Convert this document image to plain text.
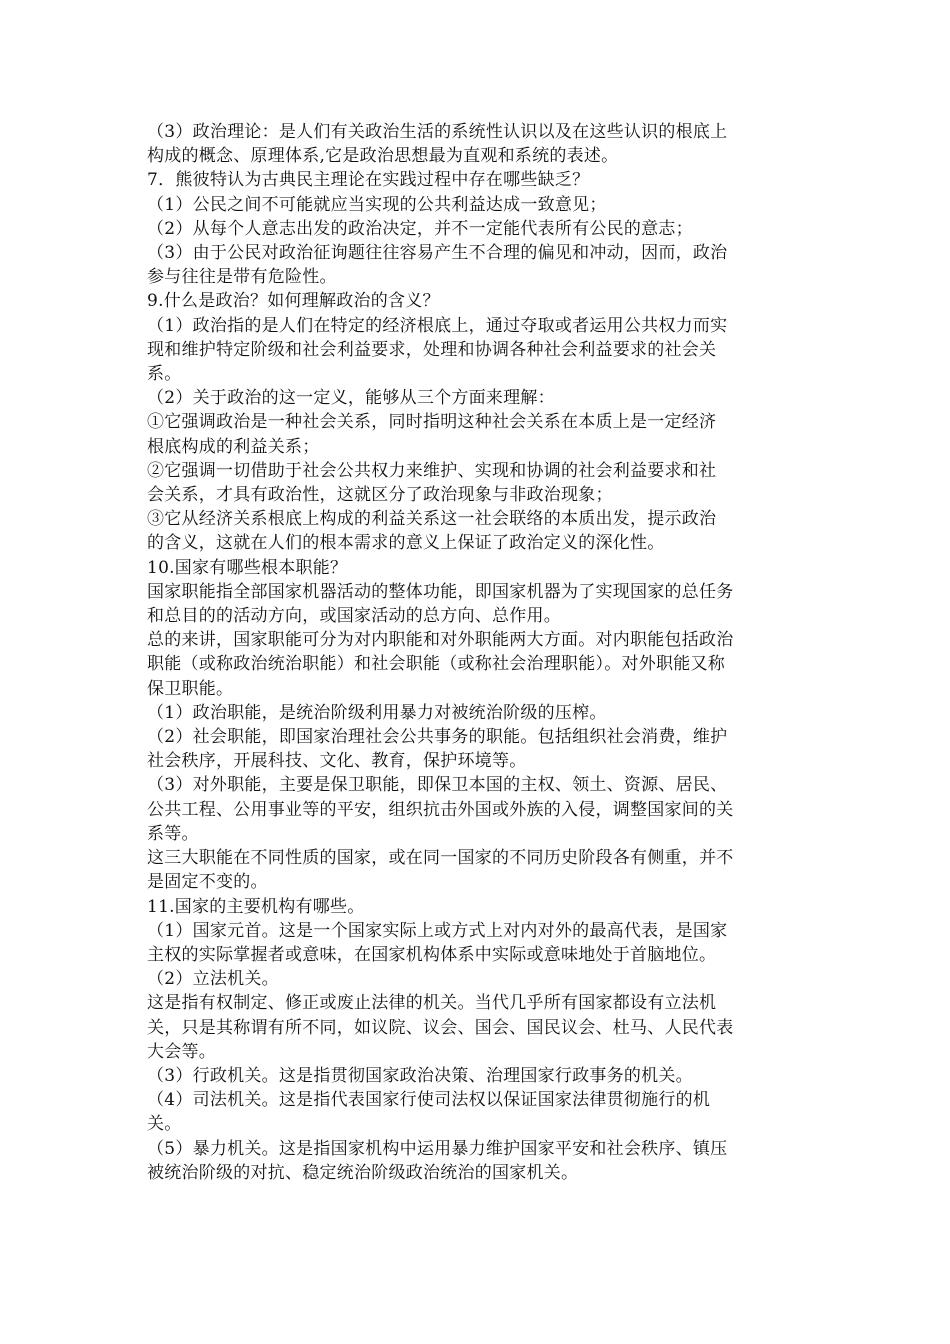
（3）政治理论：是人们有关政治生活的系统性认识以及在这些认识的根底上
构成的概念、原理体系,它是政治思想最为直观和系统的表述。
7．熊彼特认为古典民主理论在实践过程中存在哪些缺乏？
（1）公民之间不可能就应当实现的公共利益达成一致意见；
（2）从每个人意志出发的政治决定，并不一定能代表所有公民的意志；
（3）由于公民对政治征询题往往容易产生不合理的偏见和冲动，因而，政治
参与往往是带有危险性。
9.什么是政治？如何理解政治的含义？
（1）政治指的是人们在特定的经济根底上，通过夺取或者运用公共权力而实
现和维护特定阶级和社会利益要求，处理和协调各种社会利益要求的社会关
系。
（2）关于政治的这一定义，能够从三个方面来理解：
①它强调政治是一种社会关系，同时指明这种社会关系在本质上是一定经济
根底构成的利益关系；
②它强调一切借助于社会公共权力来维护、实现和协调的社会利益要求和社
会关系，才具有政治性，这就区分了政治现象与非政治现象；
③它从经济关系根底上构成的利益关系这一社会联络的本质出发，提示政治
的含义，这就在人们的根本需求的意义上保证了政治定义的深化性。
10.国家有哪些根本职能？
国家职能指全部国家机器活动的整体功能，即国家机器为了实现国家的总任务
和总目的的活动方向，或国家活动的总方向、总作用。
总的来讲，国家职能可分为对内职能和对外职能两大方面。对内职能包括政治
职能（或称政治统治职能）和社会职能（或称社会治理职能）。对外职能又称
保卫职能。
（1）政治职能，是统治阶级利用暴力对被统治阶级的压榨。
（2）社会职能，即国家治理社会公共事务的职能。包括组织社会消费，维护
社会秩序，开展科技、文化、教育，保护环境等。
（3）对外职能，主要是保卫职能，即保卫本国的主权、领土、资源、居民、
公共工程、公用事业等的平安，组织抗击外国或外族的入侵，调整国家间的关
系等。
这三大职能在不同性质的国家，或在同一国家的不同历史阶段各有侧重，并不
是固定不变的。
11.国家的主要机构有哪些。
（1）国家元首。这是一个国家实际上或方式上对内对外的最高代表，是国家
主权的实际掌握者或意味，在国家机构体系中实际或意味地处于首脑地位。
（2）立法机关。
这是指有权制定、修正或废止法律的机关。当代几乎所有国家都设有立法机
关，只是其称谓有所不同，如议院、议会、国会、国民议会、杜马、人民代表
大会等。
（3）行政机关。这是指贯彻国家政治决策、治理国家行政事务的机关。
（4）司法机关。这是指代表国家行使司法权以保证国家法律贯彻施行的机
关。
（5）暴力机关。这是指国家机构中运用暴力维护国家平安和社会秩序、镇压
被统治阶级的对抗、稳定统治阶级政治统治的国家机关。
